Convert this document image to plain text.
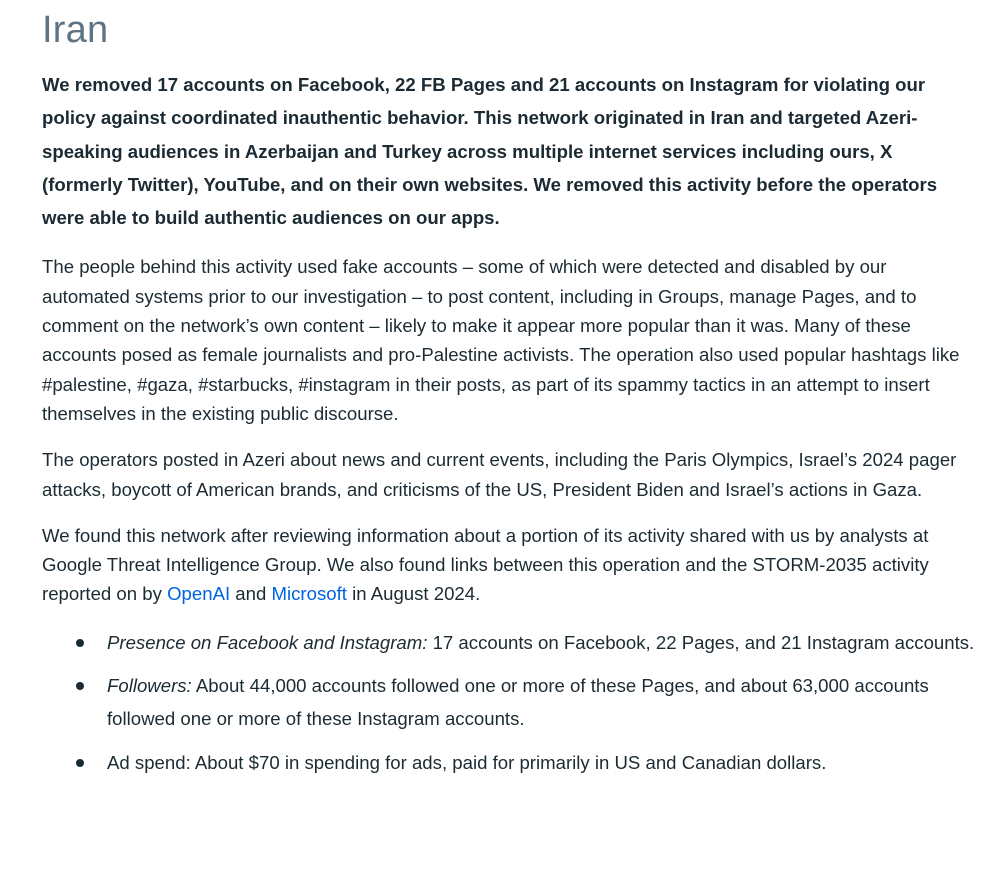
Iran

We removed 17 accounts on Facebook, 22 FB Pages and 21 accounts on Instagram for violating our policy against coordinated inauthentic behavior. This network originated in Iran and targeted Azeri-speaking audiences in Azerbaijan and Turkey across multiple internet services including ours, X (formerly Twitter), YouTube, and on their own websites. We removed this activity before the operators were able to build authentic audiences on our apps.

The people behind this activity used fake accounts – some of which were detected and disabled by our automated systems prior to our investigation – to post content, including in Groups, manage Pages, and to comment on the network’s own content – likely to make it appear more popular than it was. Many of these accounts posed as female journalists and pro-Palestine activists. The operation also used popular hashtags like #palestine, #gaza, #starbucks, #instagram in their posts, as part of its spammy tactics in an attempt to insert themselves in the existing public discourse.

The operators posted in Azeri about news and current events, including the Paris Olympics, Israel’s 2024 pager attacks, boycott of American brands, and criticisms of the US, President Biden and Israel’s actions in Gaza.

We found this network after reviewing information about a portion of its activity shared with us by analysts at Google Threat Intelligence Group. We also found links between this operation and the STORM-2035 activity reported on by OpenAI and Microsoft in August 2024.

Presence on Facebook and Instagram: 17 accounts on Facebook, 22 Pages, and 21 Instagram accounts.
Followers: About 44,000 accounts followed one or more of these Pages, and about 63,000 accounts followed one or more of these Instagram accounts.
Ad spend: About $70 in spending for ads, paid for primarily in US and Canadian dollars.
